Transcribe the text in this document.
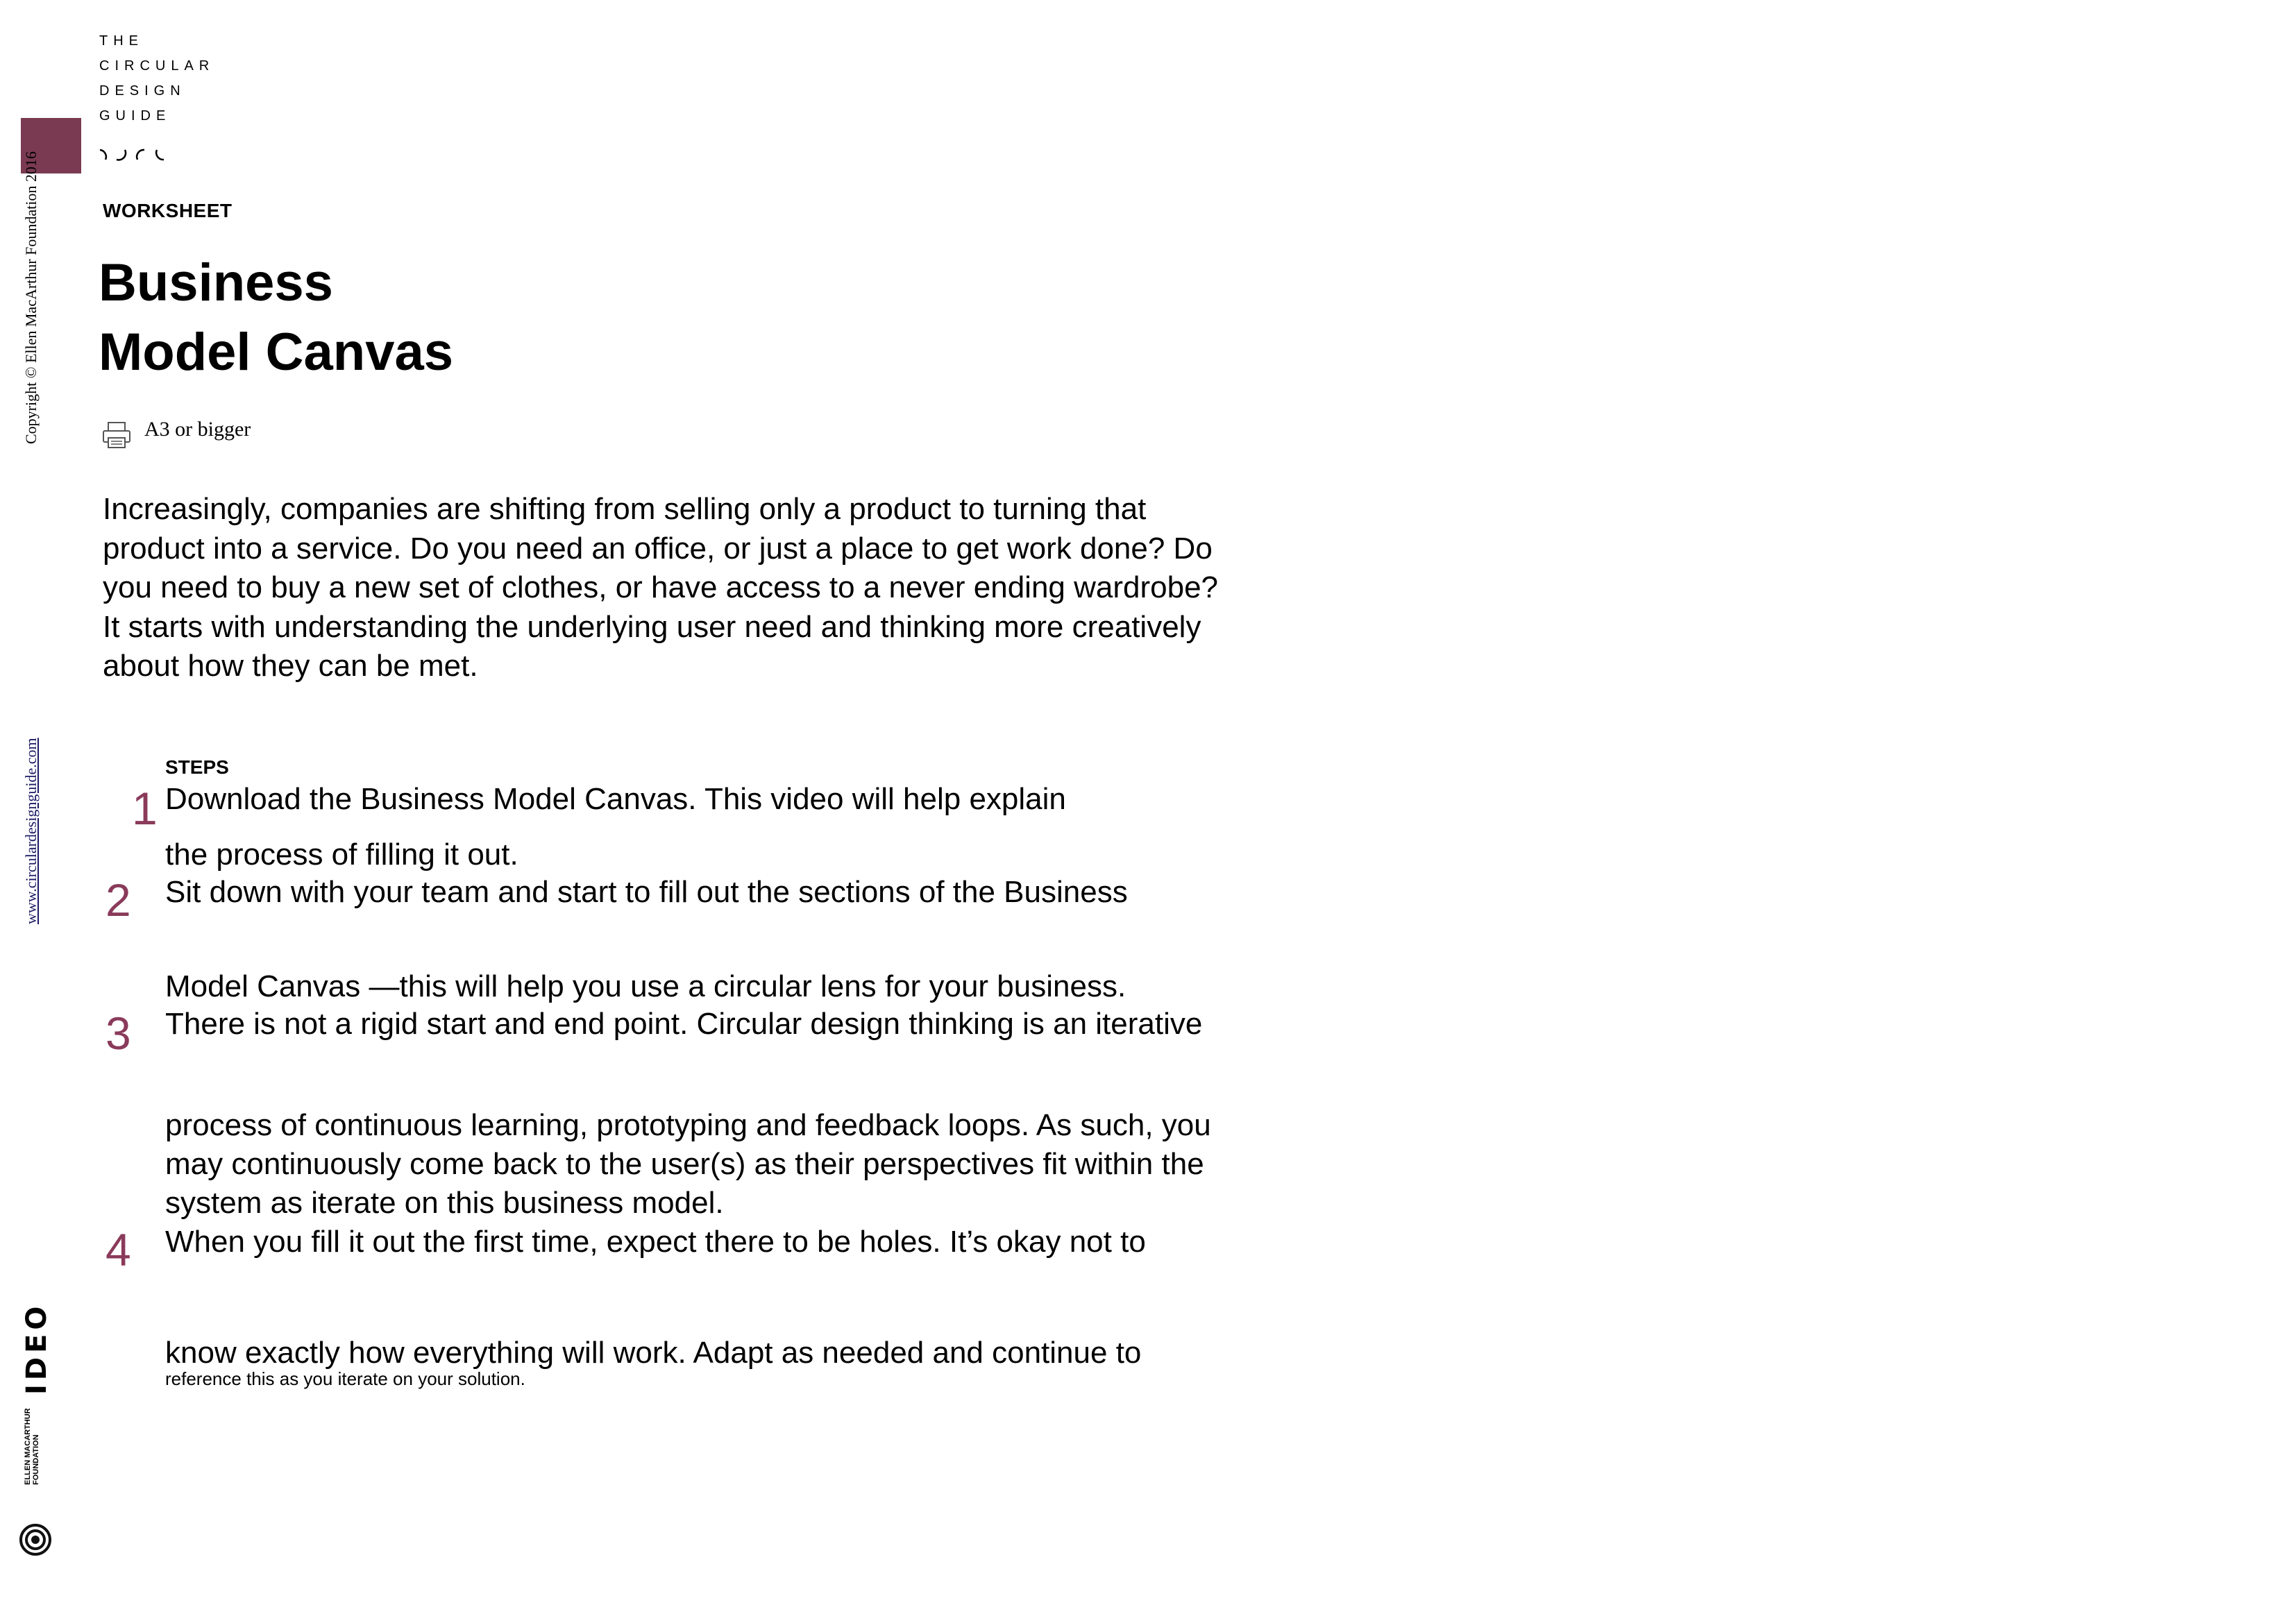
Copyright © Ellen MacArthur Foundation 2016
www.circulardesignguide.com
IDEO
ELLEN MACARTHUR FOUNDATION
THE
CIRCULAR
DESIGN
GUIDE
WORKSHEET
Business
Model Canvas
A3 or bigger
Increasingly, companies are shifting from selling only a product to turning that
product into a service. Do you need an office, or just a place to get work done? Do
you need to buy a new set of clothes, or have access to a never ending wardrobe?
It starts with understanding the underlying user need and thinking more creatively
about how they can be met.
STEPS
1 Download the Business Model Canvas. This video will help explain
the process of filling it out.
2 Sit down with your team and start to fill out the sections of the Business
Model Canvas —this will help you use a circular lens for your business.
3 There is not a rigid start and end point. Circular design thinking is an iterative
process of continuous learning, prototyping and feedback loops. As such, you
may continuously come back to the user(s) as their perspectives fit within the
system as iterate on this business model.
4 When you fill it out the first time, expect there to be holes. It’s okay not to
know exactly how everything will work. Adapt as needed and continue to
reference this as you iterate on your solution.
